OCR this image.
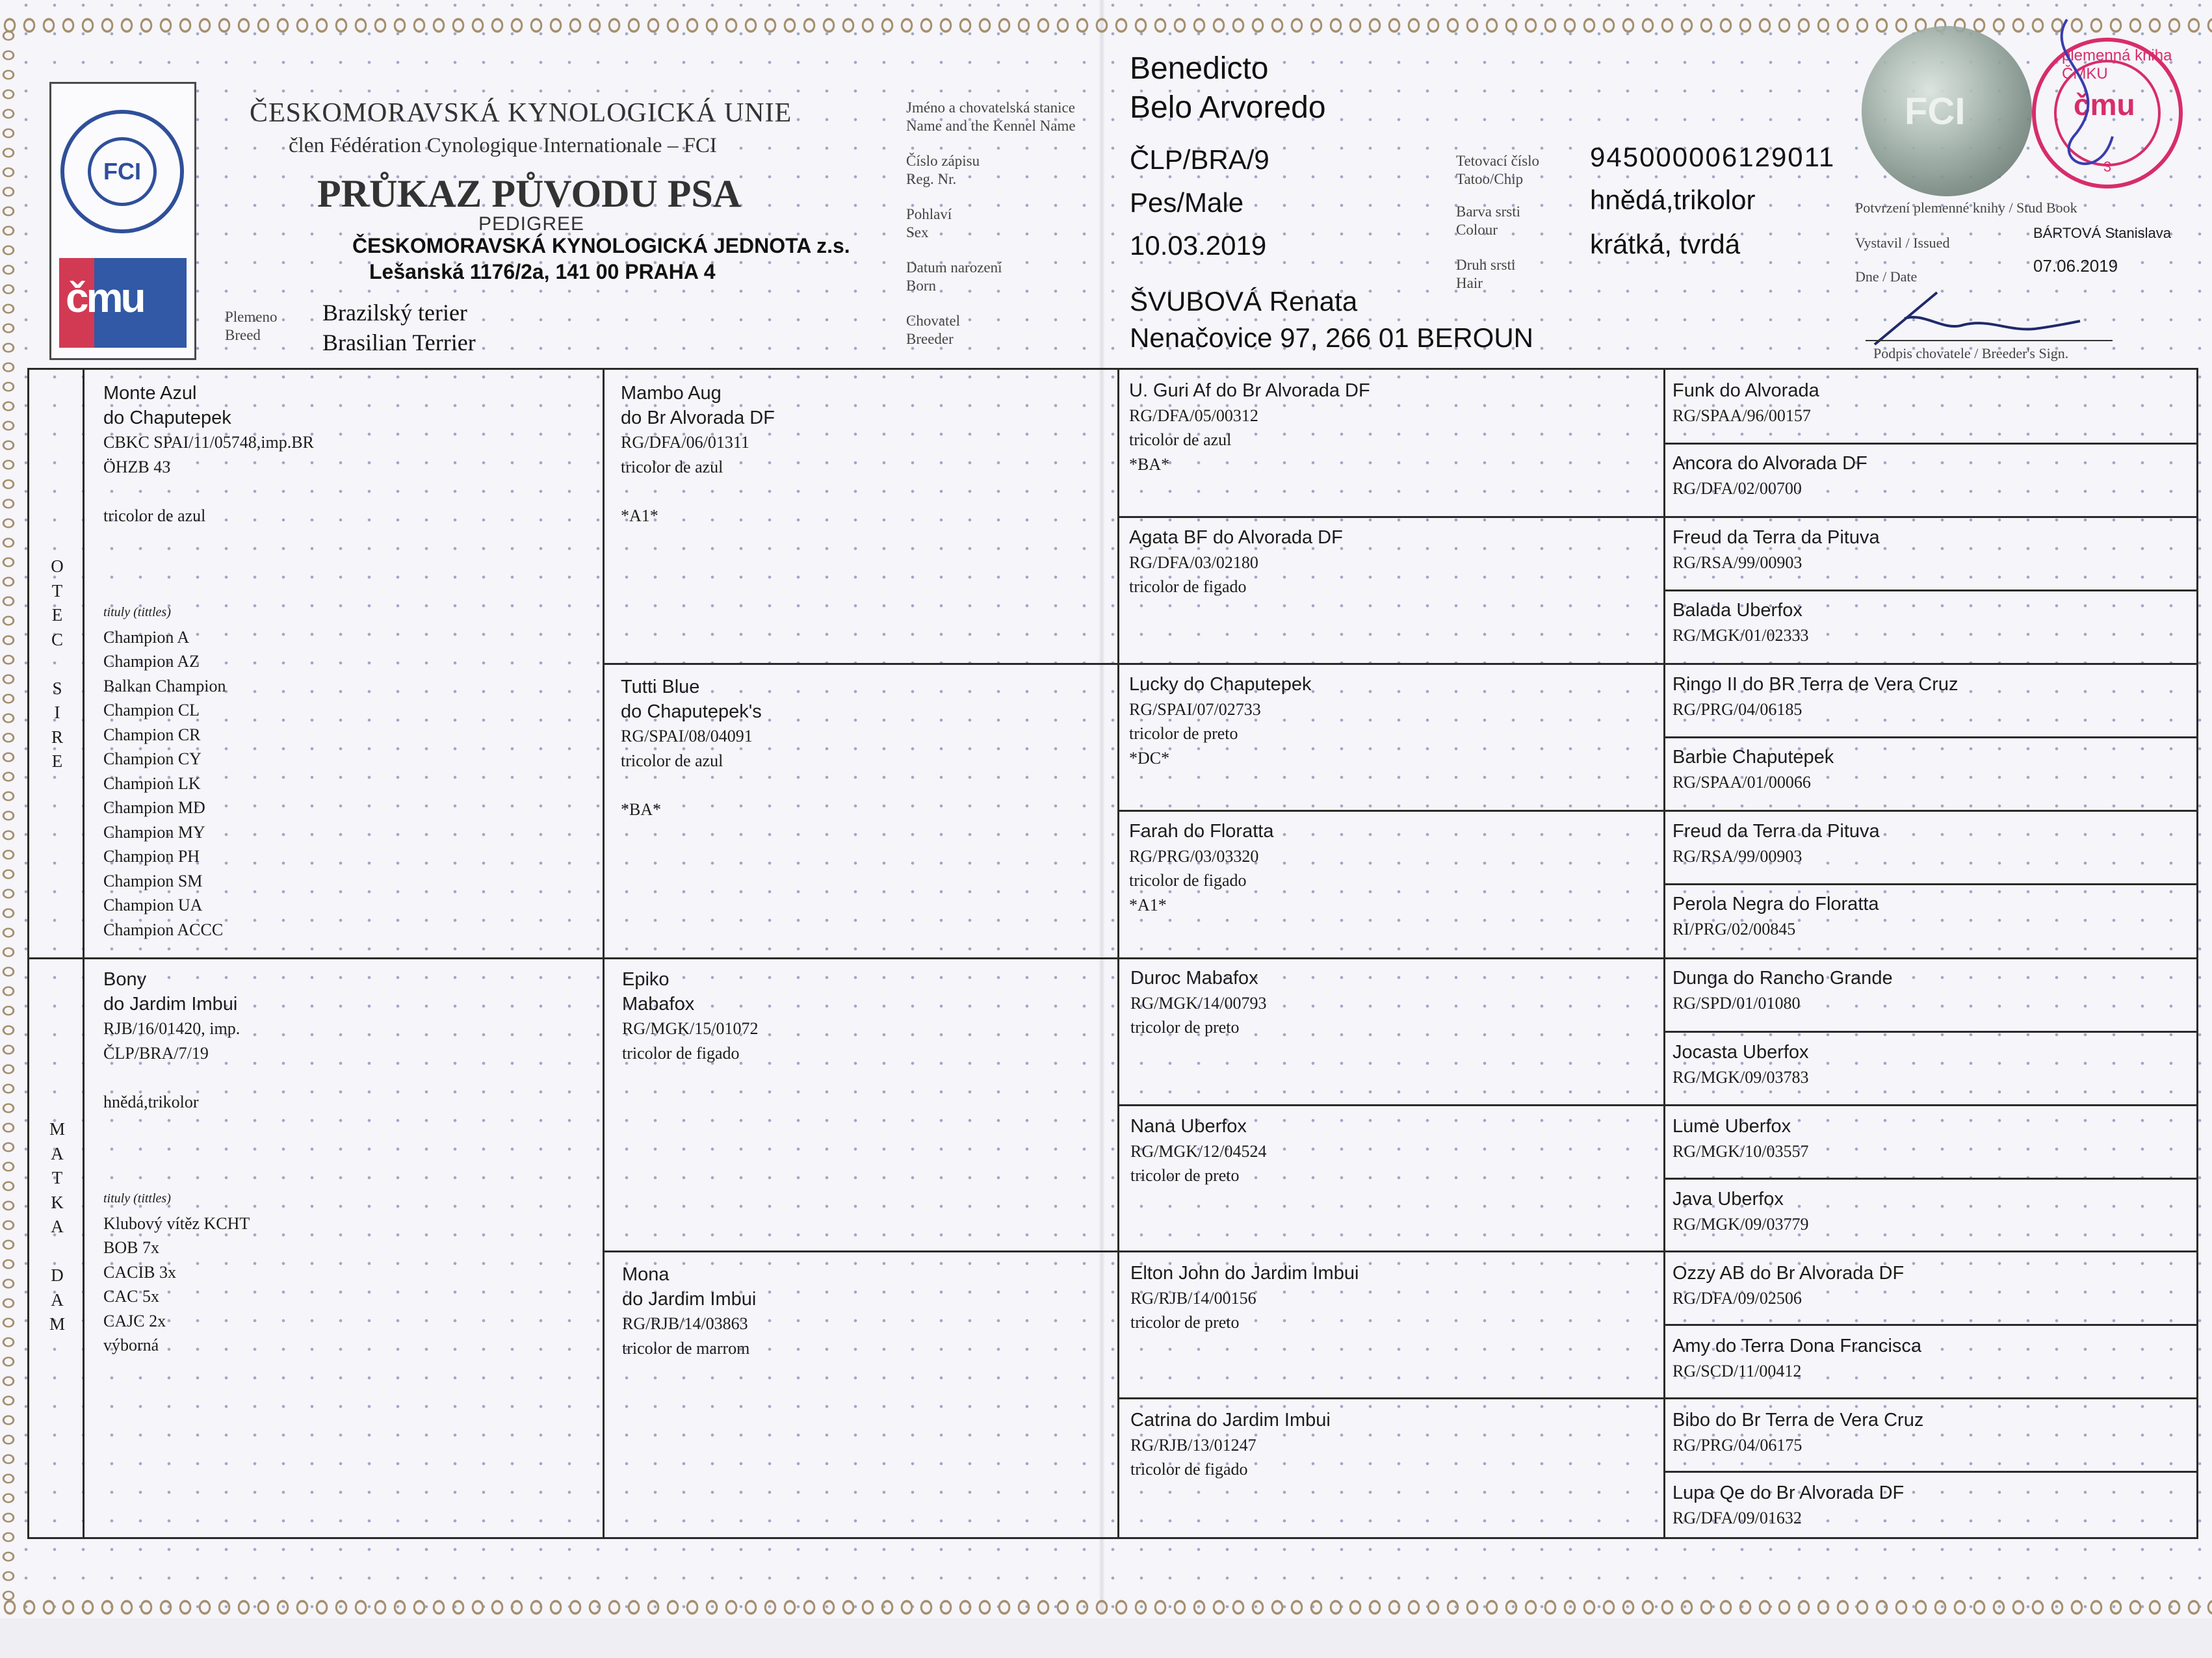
FCI
čmu
ČESKOMORAVSKÁ KYNOLOGICKÁ UNIE
člen Fédération Cynologique Internationale – FCI
PRŮKAZ PŮVODU PSA
PEDIGREE
ČESKOMORAVSKÁ KYNOLOGICKÁ JEDNOTA z.s.
Lešanská 1176/2a, 141 00 PRAHA 4
Plemeno
Breed
Brazilský terier
Brasilian Terrier
Jméno a chovatelská stanice
Name and the Kennel Name
Číslo zápisu
Reg. Nr.
Pohlaví
Sex
Datum narození
Born
Chovatel
Breeder
Benedicto
Belo Arvoredo
ČLP/BRA/9
Pes/Male
10.03.2019
ŠVUBOVÁ Renata
Nenačovice 97, 266 01 BEROUN
Tetovací číslo
Tatoo/Chip
Barva srsti
Colour
Druh srsti
Hair
945000006129011
hnědá,trikolor
krátká, tvrdá
FCI
plemenná kniha ČMKU
čmu
3
Potvrzení plemenné knihy / Stud Book
Vystavil / Issued
BÁRTOVÁ Stanislava
Dne / Date
07.06.2019
Podpis chovatele / Breeder's Sign.
O
T
E
C
S
I
R
E
M
A
T
K
A
D
A
M
Monte Azul
do Chaputepek
CBKC SPAI/11/05748,imp.BR
ÖHZB 43
tricolor de azul
tituly (tittles)
Champion A
Champion AZ
Balkan Champion
Champion CL
Champion CR
Champion CY
Champion LK
Champion MD
Champion MY
Champion PH
Champion SM
Champion UA
Champion ACCC
Bony
do Jardim Imbui
RJB/16/01420, imp.
ČLP/BRA/7/19
hnědá,trikolor
tituly (tittles)
Klubový vítěz KCHT
BOB 7x
CACIB 3x
CAC 5x
CAJC 2x
výborná
Mambo Aug
do Br Alvorada DF
RG/DFA/06/01311
tricolor de azul
*A1*
Tutti Blue
do Chaputepek's
RG/SPAI/08/04091
tricolor de azul
*BA*
Epiko
Mabafox
RG/MGK/15/01072
tricolor de figado
Mona
do Jardim Imbui
RG/RJB/14/03863
tricolor de marrom
U. Guri Af do Br Alvorada DF
RG/DFA/05/00312
tricolor de azul
*BA*
Agata BF do Alvorada DF
RG/DFA/03/02180
tricolor de figado
Lucky do Chaputepek
RG/SPAI/07/02733
tricolor de preto
*DC*
Farah do Floratta
RG/PRG/03/03320
tricolor de figado
*A1*
Duroc Mabafox
RG/MGK/14/00793
tricolor de preto
Nana Uberfox
RG/MGK/12/04524
tricolor de preto
Elton John do Jardim Imbui
RG/RJB/14/00156
tricolor de preto
Catrina do Jardim Imbui
RG/RJB/13/01247
tricolor de figado
Funk do Alvorada
RG/SPAA/96/00157
Ancora do Alvorada DF
RG/DFA/02/00700
Freud da Terra da Pituva
RG/RSA/99/00903
Balada Uberfox
RG/MGK/01/02333
Ringo II do BR Terra de Vera Cruz
RG/PRG/04/06185
Barbie Chaputepek
RG/SPAA/01/00066
Freud da Terra da Pituva
RG/RSA/99/00903
Perola Negra do Floratta
RI/PRG/02/00845
Dunga do Rancho Grande
RG/SPD/01/01080
Jocasta Uberfox
RG/MGK/09/03783
Lume Uberfox
RG/MGK/10/03557
Java Uberfox
RG/MGK/09/03779
Ozzy AB do Br Alvorada DF
RG/DFA/09/02506
Amy do Terra Dona Francisca
RG/SCD/11/00412
Bibo do Br Terra de Vera Cruz
RG/PRG/04/06175
Lupa Qe do Br Alvorada DF
RG/DFA/09/01632
